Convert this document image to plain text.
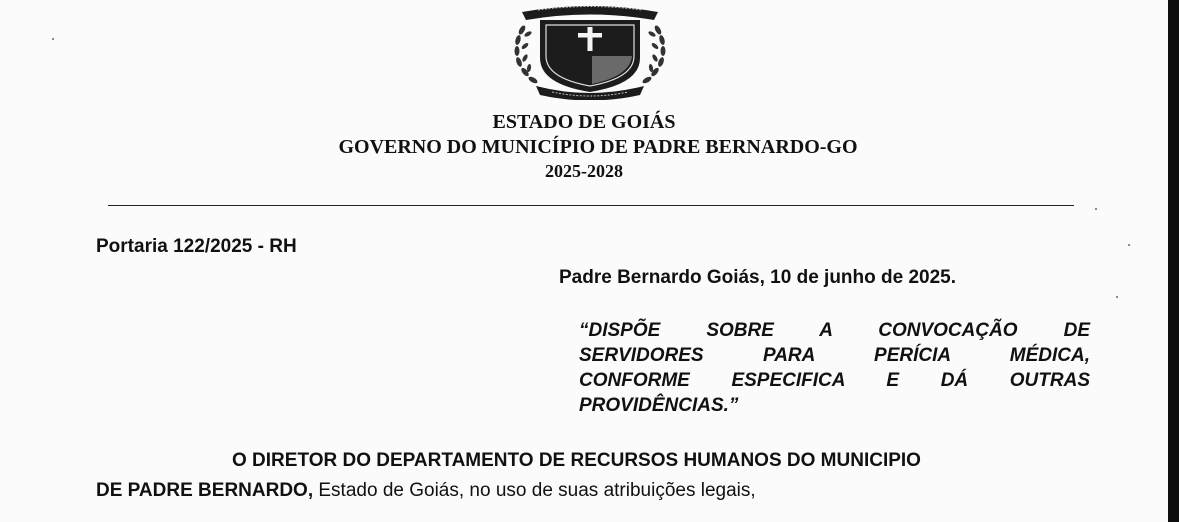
ESTADO DE GOIÁS
GOVERNO DO MUNICÍPIO DE PADRE BERNARDO-GO
2025-2028
Portaria 122/2025 - RH
Padre Bernardo Goiás, 10 de junho de 2025.
“DISPÕE SOBRE A CONVOCAÇÃO DE
SERVIDORES PARA PERÍCIA MÉDICA,
CONFORME ESPECIFICA E DÁ OUTRAS
PROVIDÊNCIAS.”
O DIRETOR DO DEPARTAMENTO DE RECURSOS HUMANOS DO MUNICIPIO
DE PADRE BERNARDO, Estado de Goiás, no uso de suas atribuições legais,
